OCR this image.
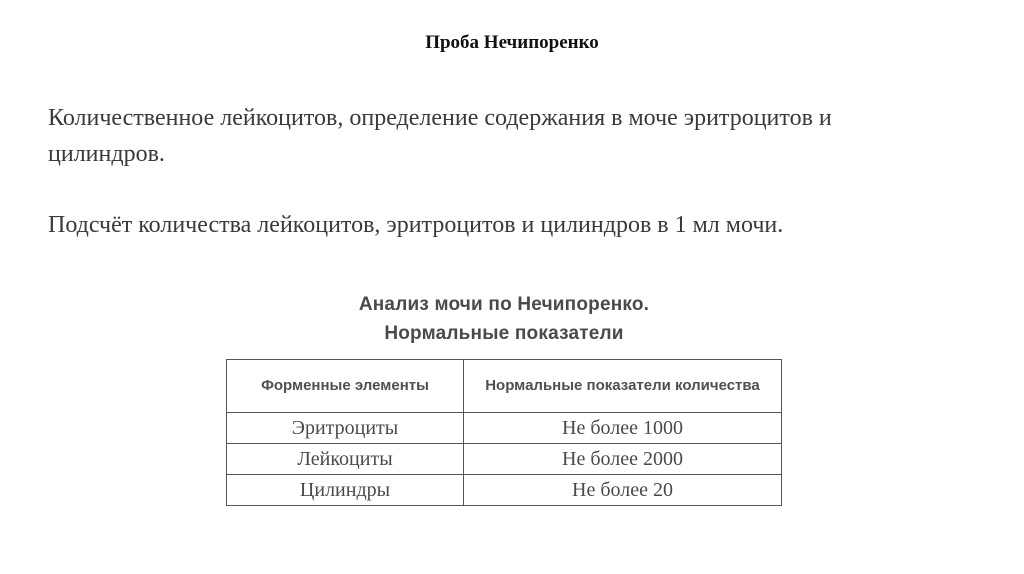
Проба Нечипоренко
Количественное лейкоцитов, определение содержания в моче эритроцитов и цилиндров.
Подсчёт количества лейкоцитов, эритроцитов и цилиндров в 1 мл мочи.
Анализ мочи по Нечипоренко.
Нормальные показатели
Форменные элементы	Нормальные показатели количества
Эритроциты	Не более 1000
Лейкоциты	Не более 2000
Цилиндры	Не более 20
